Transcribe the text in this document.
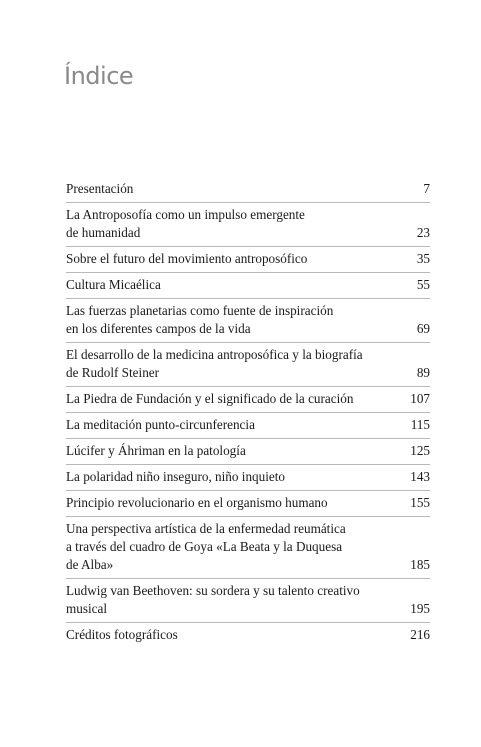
Índice
Presentación	7
La Antroposofía como un impulso emergente
de humanidad	23
Sobre el futuro del movimiento antroposófico	35
Cultura Micaélica	55
Las fuerzas planetarias como fuente de inspiración
en los diferentes campos de la vida	69
El desarrollo de la medicina antroposófica y la biografía
de Rudolf Steiner	89
La Piedra de Fundación y el significado de la curación	107
La meditación punto-circunferencia	115
Lúcifer y Áhriman en la patología	125
La polaridad niño inseguro, niño inquieto	143
Principio revolucionario en el organismo humano	155
Una perspectiva artística de la enfermedad reumática
a través del cuadro de Goya «La Beata y la Duquesa
de Alba»	185
Ludwig van Beethoven: su sordera y su talento creativo
musical	195
Créditos fotográficos	216
